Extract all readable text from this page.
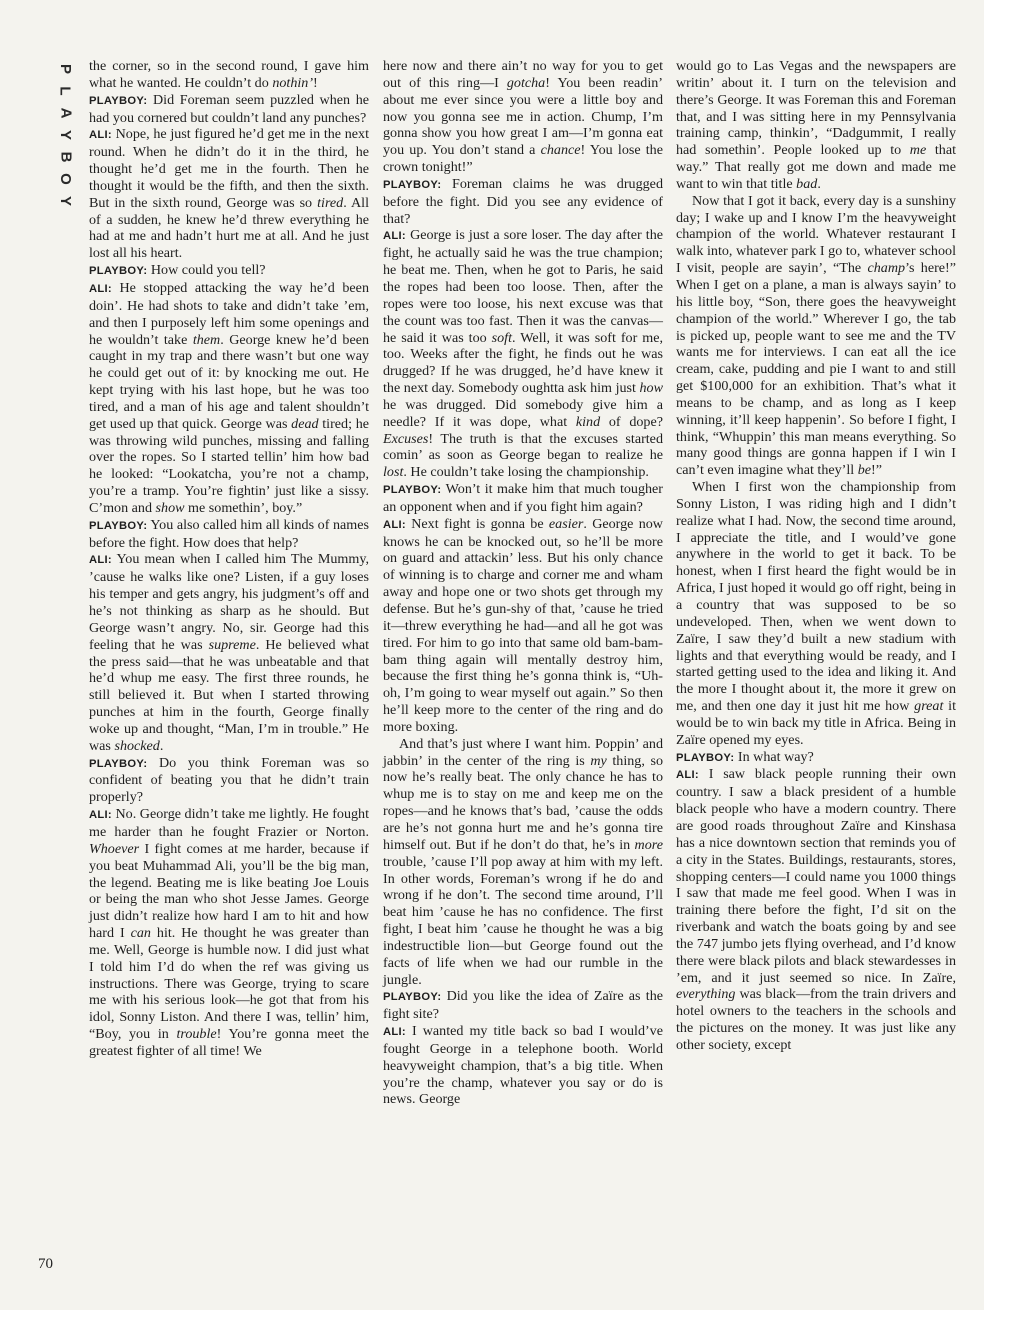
P
L
A
Y
B
O
Y

the corner, so in the second round, I gave him what he wanted. He couldn’t do nothin’!

PLAYBOY: Did Foreman seem puzzled when he had you cornered but couldn’t land any punches?

ALI: Nope, he just figured he’d get me in the next round. When he didn’t do it in the third, he thought he’d get me in the fourth. Then he thought it would be the fifth, and then the sixth. But in the sixth round, George was so tired. All of a sudden, he knew he’d threw everything he had at me and hadn’t hurt me at all. And he just lost all his heart.

PLAYBOY: How could you tell?

ALI: He stopped attacking the way he’d been doin’. He had shots to take and didn’t take ’em, and then I purposely left him some openings and he wouldn’t take them. George knew he’d been caught in my trap and there wasn’t but one way he could get out of it: by knocking me out. He kept trying with his last hope, but he was too tired, and a man of his age and talent shouldn’t get used up that quick. George was dead tired; he was throwing wild punches, missing and falling over the ropes. So I started tellin’ him how bad he looked: “Lookatcha, you’re not a champ, you’re a tramp. You’re fightin’ just like a sissy. C’mon and show me somethin’, boy.”

PLAYBOY: You also called him all kinds of names before the fight. How does that help?

ALI: You mean when I called him The Mummy, ’cause he walks like one? Listen, if a guy loses his temper and gets angry, his judgment’s off and he’s not thinking as sharp as he should. But George wasn’t angry. No, sir. George had this feeling that he was supreme. He believed what the press said—that he was unbeatable and that he’d whup me easy. The first three rounds, he still believed it. But when I started throwing punches at him in the fourth, George finally woke up and thought, “Man, I’m in trouble.” He was shocked.

PLAYBOY: Do you think Foreman was so confident of beating you that he didn’t train properly?

ALI: No. George didn’t take me lightly. He fought me harder than he fought Frazier or Norton. Whoever I fight comes at me harder, because if you beat Muhammad Ali, you’ll be the big man, the legend. Beating me is like beating Joe Louis or being the man who shot Jesse James. George just didn’t realize how hard I am to hit and how hard I can hit. He thought he was greater than me. Well, George is humble now. I did just what I told him I’d do when the ref was giving us instructions. There was George, trying to scare me with his serious look—he got that from his idol, Sonny Liston. And there I was, tellin’ him, “Boy, you in trouble! You’re gonna meet the greatest fighter of all time! We

here now and there ain’t no way for you to get out of this ring—I gotcha! You been readin’ about me ever since you were a little boy and now you gonna see me in action. Chump, I’m gonna show you how great I am—I’m gonna eat you up. You don’t stand a chance! You lose the crown tonight!”

PLAYBOY: Foreman claims he was drugged before the fight. Did you see any evidence of that?

ALI: George is just a sore loser. The day after the fight, he actually said he was the true champion; he beat me. Then, when he got to Paris, he said the ropes had been too loose. Then, after the ropes were too loose, his next excuse was that the count was too fast. Then it was the canvas—he said it was too soft. Well, it was soft for me, too. Weeks after the fight, he finds out he was drugged? If he was drugged, he’d have knew it the next day. Somebody oughtta ask him just how he was drugged. Did somebody give him a needle? If it was dope, what kind of dope? Excuses! The truth is that the excuses started comin’ as soon as George began to realize he lost. He couldn’t take losing the championship.

PLAYBOY: Won’t it make him that much tougher an opponent when and if you fight him again?

ALI: Next fight is gonna be easier. George now knows he can be knocked out, so he’ll be more on guard and attackin’ less. But his only chance of winning is to charge and corner me and wham away and hope one or two shots get through my defense. But he’s gun-shy of that, ’cause he tried it—threw everything he had—and all he got was tired. For him to go into that same old bam-bam-bam thing again will mentally destroy him, because the first thing he’s gonna think is, “Uh-oh, I’m going to wear myself out again.” So then he’ll keep more to the center of the ring and do more boxing.

And that’s just where I want him. Poppin’ and jabbin’ in the center of the ring is my thing, so now he’s really beat. The only chance he has to whup me is to stay on me and keep me on the ropes—and he knows that’s bad, ’cause the odds are he’s not gonna hurt me and he’s gonna tire himself out. But if he don’t do that, he’s in more trouble, ’cause I’ll pop away at him with my left. In other words, Foreman’s wrong if he do and wrong if he don’t. The second time around, I’ll beat him ’cause he has no confidence. The first fight, I beat him ’cause he thought he was a big indestructible lion—but George found out the facts of life when we had our rumble in the jungle.

PLAYBOY: Did you like the idea of Zaïre as the fight site?

ALI: I wanted my title back so bad I would’ve fought George in a telephone booth. World heavyweight champion, that’s a big title. When you’re the champ, whatever you say or do is news. George

would go to Las Vegas and the newspapers are writin’ about it. I turn on the television and there’s George. It was Foreman this and Foreman that, and I was sitting here in my Pennsylvania training camp, thinkin’, “Dadgummit, I really had somethin’. People looked up to me that way.” That really got me down and made me want to win that title bad.

Now that I got it back, every day is a sunshiny day; I wake up and I know I’m the heavyweight champion of the world. Whatever restaurant I walk into, whatever park I go to, whatever school I visit, people are sayin’, “The champ’s here!” When I get on a plane, a man is always sayin’ to his little boy, “Son, there goes the heavyweight champion of the world.” Wherever I go, the tab is picked up, people want to see me and the TV wants me for interviews. I can eat all the ice cream, cake, pudding and pie I want to and still get $100,000 for an exhibition. That’s what it means to be champ, and as long as I keep winning, it’ll keep happenin’. So before I fight, I think, “Whuppin’ this man means everything. So many good things are gonna happen if I win I can’t even imagine what they’ll be!”

When I first won the championship from Sonny Liston, I was riding high and I didn’t realize what I had. Now, the second time around, I appreciate the title, and I would’ve gone anywhere in the world to get it back. To be honest, when I first heard the fight would be in Africa, I just hoped it would go off right, being in a country that was supposed to be so undeveloped. Then, when we went down to Zaïre, I saw they’d built a new stadium with lights and that everything would be ready, and I started getting used to the idea and liking it. And the more I thought about it, the more it grew on me, and then one day it just hit me how great it would be to win back my title in Africa. Being in Zaïre opened my eyes.

PLAYBOY: In what way?

ALI: I saw black people running their own country. I saw a black president of a humble black people who have a modern country. There are good roads throughout Zaïre and Kinshasa has a nice downtown section that reminds you of a city in the States. Buildings, restaurants, stores, shopping centers—I could name you 1000 things I saw that made me feel good. When I was in training there before the fight, I’d sit on the riverbank and watch the boats going by and see the 747 jumbo jets flying overhead, and I’d know there were black pilots and black stewardesses in ’em, and it just seemed so nice. In Zaïre, everything was black—from the train drivers and hotel owners to the teachers in the schools and the pictures on the money. It was just like any other society, except

70
